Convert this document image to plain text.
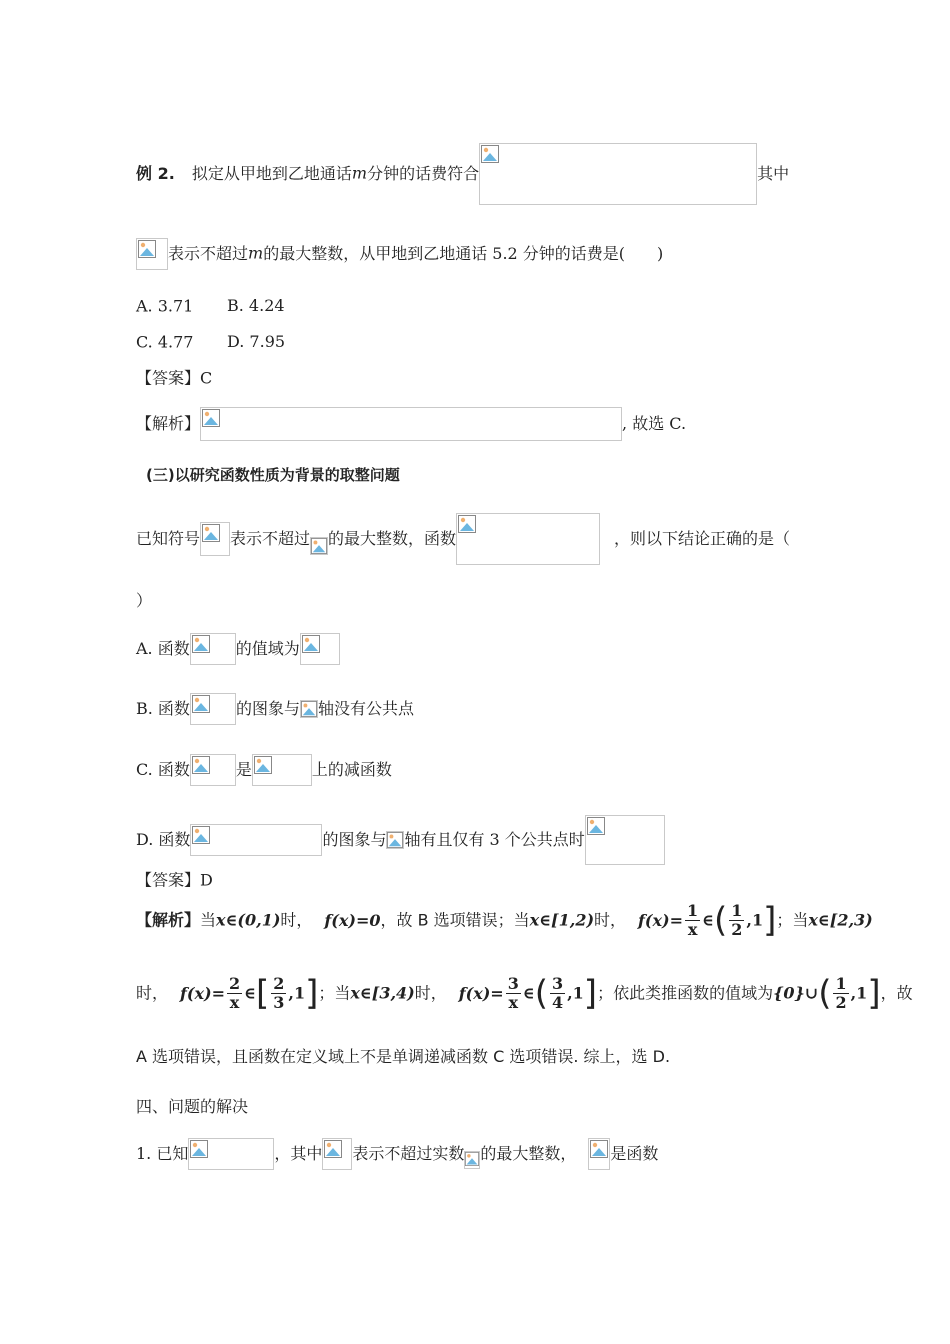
例 2. 拟定从甲地到乙地通话m分钟的话费符合	其中
表示不超过m的最大整数，从甲地到乙地通话 5.2 分钟的话费是(　　)
A. 3.71 B. 4.24
C. 4.77 D. 7.95
【答案】C
【解析】	, 故选 C.
(三)以研究函数性质为背景的取整问题
已知符号 表示不超过 的最大整数，函数	，则以下结论正确的是（
）
A. 函数	的值域为
B. 函数	的图象与 轴没有公共点
C. 函数	是	上的减函数
D. 函数	的图象与 轴有且仅有 3 个公共点时
【答案】D
【解析】当x∈(0,1)时， f(x)=0，故 B 选项错误；当x∈[1,2)时， $f(x)= \frac{1}{x}$ ∈( $\frac{1}{2} ,1$]；当x∈[2,3)
时， $f(x)= \frac{2}{x}$ ∈[ $\frac{2}{3} ,1$]；当x∈[3,4)时， $f(x)= \frac{3}{x}$ ∈( $\frac{3}{4} ,1$]；依此类推函数的值域为{0}∪( $\frac{1}{2} ,1$]，故
A 选项错误，且函数在定义域上不是单调递减函数 C 选项错误. 综上，选 D.
四、问题的解决
1. 已知	，其中 表示不超过实数 的最大整数， 是函数
